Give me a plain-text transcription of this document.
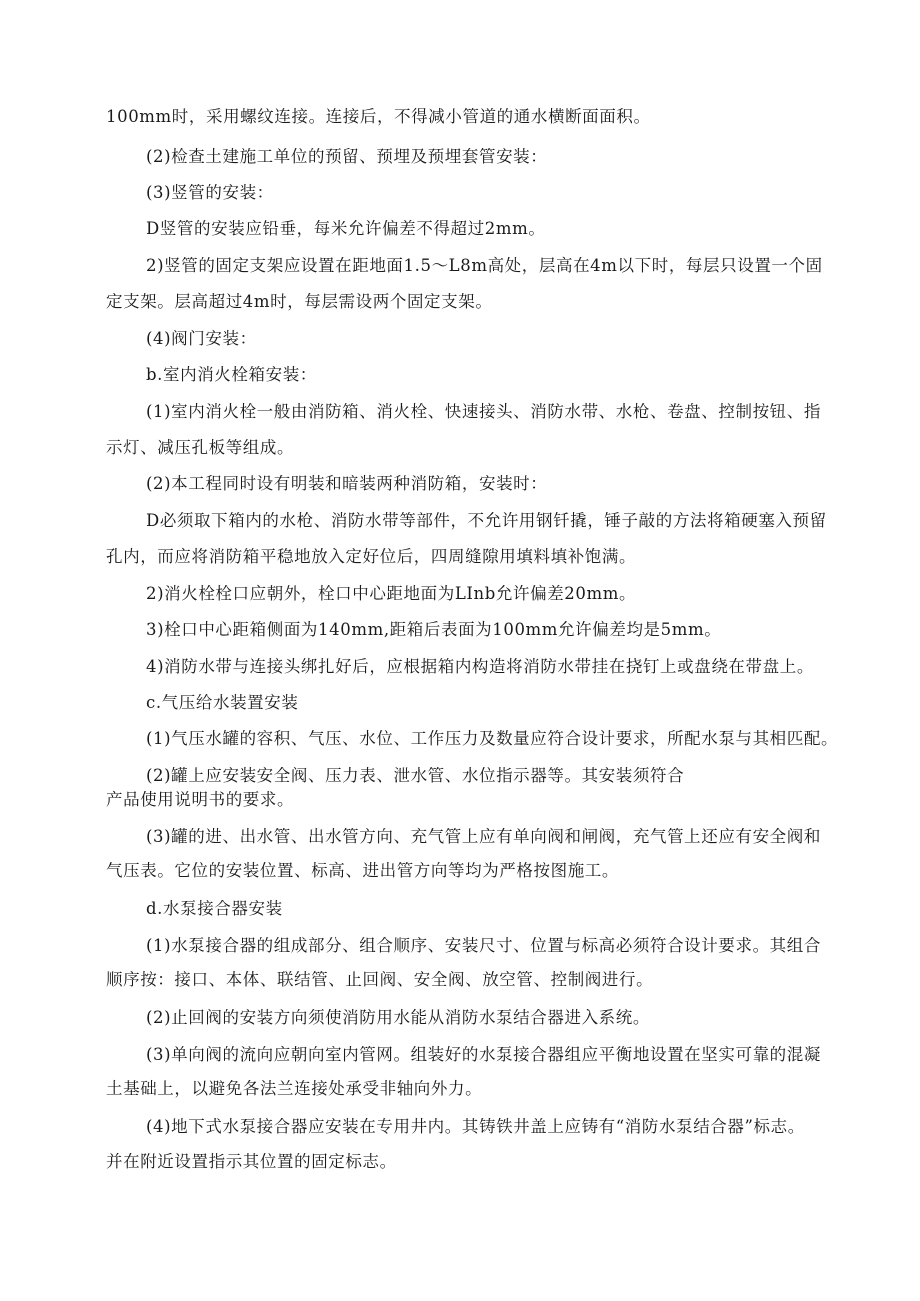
100mm时，采用螺纹连接。连接后，不得减小管道的通水横断面面积。
(2)检查土建施工单位的预留、预埋及预埋套管安装：
(3)竖管的安装：
D竖管的安装应铅垂，每米允许偏差不得超过2mm。
2)竖管的固定支架应设置在距地面1.5～L8m高处，层高在4m以下时，每层只设置一个固
定支架。层高超过4m时，每层需设两个固定支架。
(4)阀门安装：
b.室内消火栓箱安装：
(1)室内消火栓一般由消防箱、消火栓、快速接头、消防水带、水枪、卷盘、控制按钮、指
示灯、减压孔板等组成。
(2)本工程同时设有明装和暗装两种消防箱，安装时：
D必须取下箱内的水枪、消防水带等部件，不允许用钢钎撬，锤子敲的方法将箱硬塞入预留
孔内，而应将消防箱平稳地放入定好位后，四周缝隙用填料填补饱满。
2)消火栓栓口应朝外，栓口中心距地面为LInb允许偏差20mm。
3)栓口中心距箱侧面为140mm,距箱后表面为100mm允许偏差均是5mm。
4)消防水带与连接头绑扎好后，应根据箱内构造将消防水带挂在挠钉上或盘绕在带盘上。
c.气压给水装置安装
(1)气压水罐的容积、气压、水位、工作压力及数量应符合设计要求，所配水泵与其相匹配。
(2)罐上应安装安全阀、压力表、泄水管、水位指示器等。其安装须符合
产品使用说明书的要求。
(3)罐的进、出水管、出水管方向、充气管上应有单向阀和闸阀，充气管上还应有安全阀和
气压表。它位的安装位置、标高、进出管方向等均为严格按图施工。
d.水泵接合器安装
(1)水泵接合器的组成部分、组合顺序、安装尺寸、位置与标高必须符合设计要求。其组合
顺序按：接口、本体、联结管、止回阀、安全阀、放空管、控制阀进行。
(2)止回阀的安装方向须使消防用水能从消防水泵结合器进入系统。
(3)单向阀的流向应朝向室内管网。组装好的水泵接合器组应平衡地设置在坚实可靠的混凝
土基础上，以避免各法兰连接处承受非轴向外力。
(4)地下式水泵接合器应安装在专用井内。其铸铁井盖上应铸有“消防水泵结合器”标志。
并在附近设置指示其位置的固定标志。
